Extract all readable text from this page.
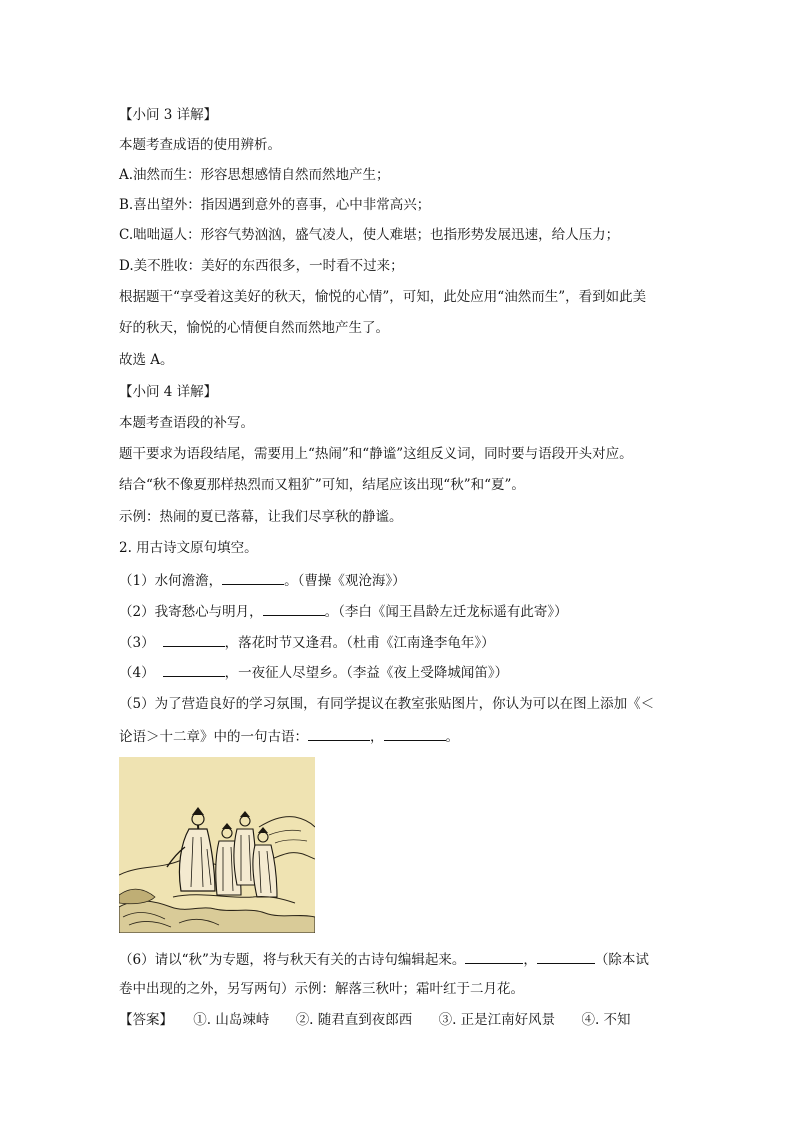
【小问 3 详解】
本题考查成语的使用辨析。
A.油然而生：形容思想感情自然而然地产生；
B.喜出望外：指因遇到意外的喜事，心中非常高兴；
C.咄咄逼人：形容气势汹汹，盛气凌人，使人难堪；也指形势发展迅速，给人压力；
D.美不胜收：美好的东西很多，一时看不过来；
根据题干“享受着这美好的秋天，愉悦的心情”，可知，此处应用“油然而生”，看到如此美
好的秋天，愉悦的心情便自然而然地产生了。
故选 A。
【小问 4 详解】
本题考查语段的补写。
题干要求为语段结尾，需要用上“热闹”和“静谧”这组反义词，同时要与语段开头对应。
结合“秋不像夏那样热烈而又粗犷”可知，结尾应该出现“秋”和“夏”。
示例：热闹的夏已落幕，让我们尽享秋的静谧。
2. 用古诗文原句填空。
（1）水何澹澹，	。（曹操《观沧海》）
（2）我寄愁心与明月，	。（李白《闻王昌龄左迁龙标遥有此寄》）
（3）	，落花时节又逢君。（杜甫《江南逢李龟年》）
（4）	，一夜征人尽望乡。（李益《夜上受降城闻笛》）
（5）为了营造良好的学习氛围，有同学提议在教室张贴图片，你认为可以在图上添加《＜
论语＞十二章》中的一句古语：	，	。
（6）请以“秋”为专题，将与秋天有关的古诗句编辑起来。	，	（除本试
卷中出现的之外，另写两句）示例：解落三秋叶；霜叶红于二月花。
【答案】 ①. 山岛竦峙 ②. 随君直到夜郎西 ③. 正是江南好风景 ④. 不知
